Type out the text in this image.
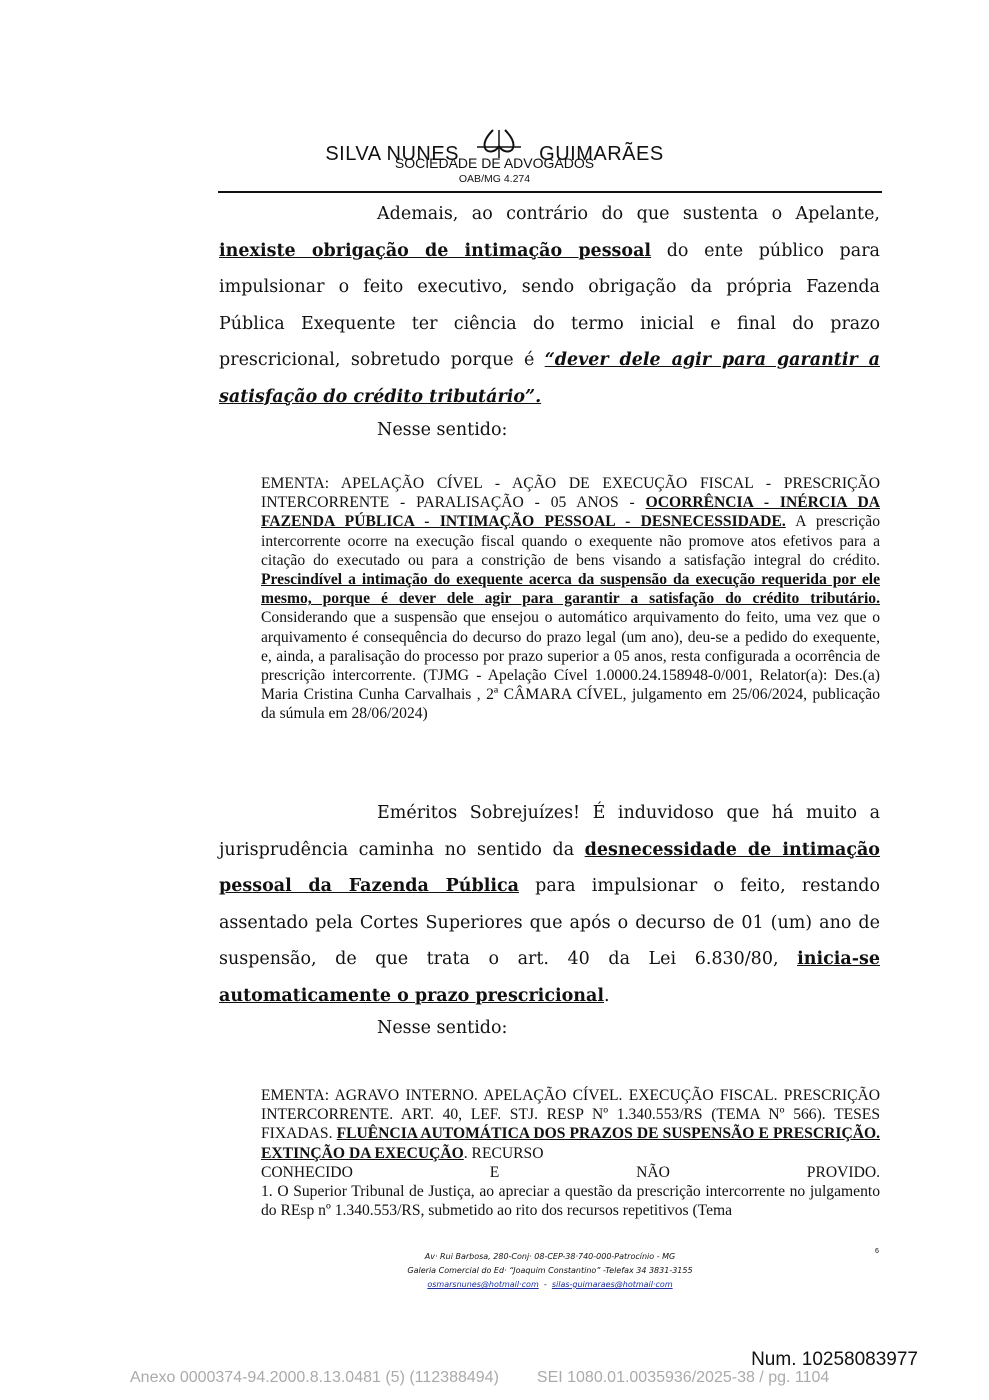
SILVA NUNES	GUIMARÃES
SOCIEDADE DE ADVOGADOS
OAB/MG 4.274
Ademais, ao contrário do que sustenta o Apelante, inexiste obrigação de intimação pessoal do ente público para impulsionar o feito executivo, sendo obrigação da própria Fazenda Pública Exequente ter ciência do termo inicial e final do prazo prescricional, sobretudo porque é “dever dele agir para garantir a satisfação do crédito tributário”.
Nesse sentido:
EMENTA: APELAÇÃO CÍVEL - AÇÃO DE EXECUÇÃO FISCAL - PRESCRIÇÃO INTERCORRENTE - PARALISAÇÃO - 05 ANOS - OCORRÊNCIA - INÉRCIA DA FAZENDA PÚBLICA - INTIMAÇÃO PESSOAL - DESNECESSIDADE. A prescrição intercorrente ocorre na execução fiscal quando o exequente não promove atos efetivos para a citação do executado ou para a constrição de bens visando a satisfação integral do crédito. Prescindível a intimação do exequente acerca da suspensão da execução requerida por ele mesmo, porque é dever dele agir para garantir a satisfação do crédito tributário. Considerando que a suspensão que ensejou o automático arquivamento do feito, uma vez que o arquivamento é consequência do decurso do prazo legal (um ano), deu-se a pedido do exequente, e, ainda, a paralisação do processo por prazo superior a 05 anos, resta configurada a ocorrência de prescrição intercorrente. (TJMG - Apelação Cível 1.0000.24.158948-0/001, Relator(a): Des.(a) Maria Cristina Cunha Carvalhais , 2ª CÂMARA CÍVEL, julgamento em 25/06/2024, publicação da súmula em 28/06/2024)
Eméritos Sobrejuízes! É induvidoso que há muito a jurisprudência caminha no sentido da desnecessidade de intimação pessoal da Fazenda Pública para impulsionar o feito, restando assentado pela Cortes Superiores que após o decurso de 01 (um) ano de suspensão, de que trata o art. 40 da Lei 6.830/80, inicia-se automaticamente o prazo prescricional.
Nesse sentido:
EMENTA: AGRAVO INTERNO. APELAÇÃO CÍVEL. EXECUÇÃO FISCAL. PRESCRIÇÃO INTERCORRENTE. ART. 40, LEF. STJ. RESP Nº 1.340.553/RS (TEMA Nº 566). TESES FIXADAS. FLUÊNCIA AUTOMÁTICA DOS PRAZOS DE SUSPENSÃO E PRESCRIÇÃO. EXTINÇÃO DA EXECUÇÃO. RECURSO
CONHECIDO	E	NÃO	PROVIDO.
1. O Superior Tribunal de Justiça, ao apreciar a questão da prescrição intercorrente no julgamento do REsp nº 1.340.553/RS, submetido ao rito dos recursos repetitivos (Tema
Av· Rui Barbosa, 280-Conj· 08-CEP-38·740-000-Patrocínio - MG
Galeria Comercial do Ed· “Joaquim Constantino” -Telefax 34 3831-3155
osmarsnunes@hotmail·com - silas-guimaraes@hotmail·com
6
Num. 10258083977
Anexo 0000374-94.2000.8.13.0481 (5) (112388494) SEI 1080.01.0035936/2025-38 / pg. 1104
